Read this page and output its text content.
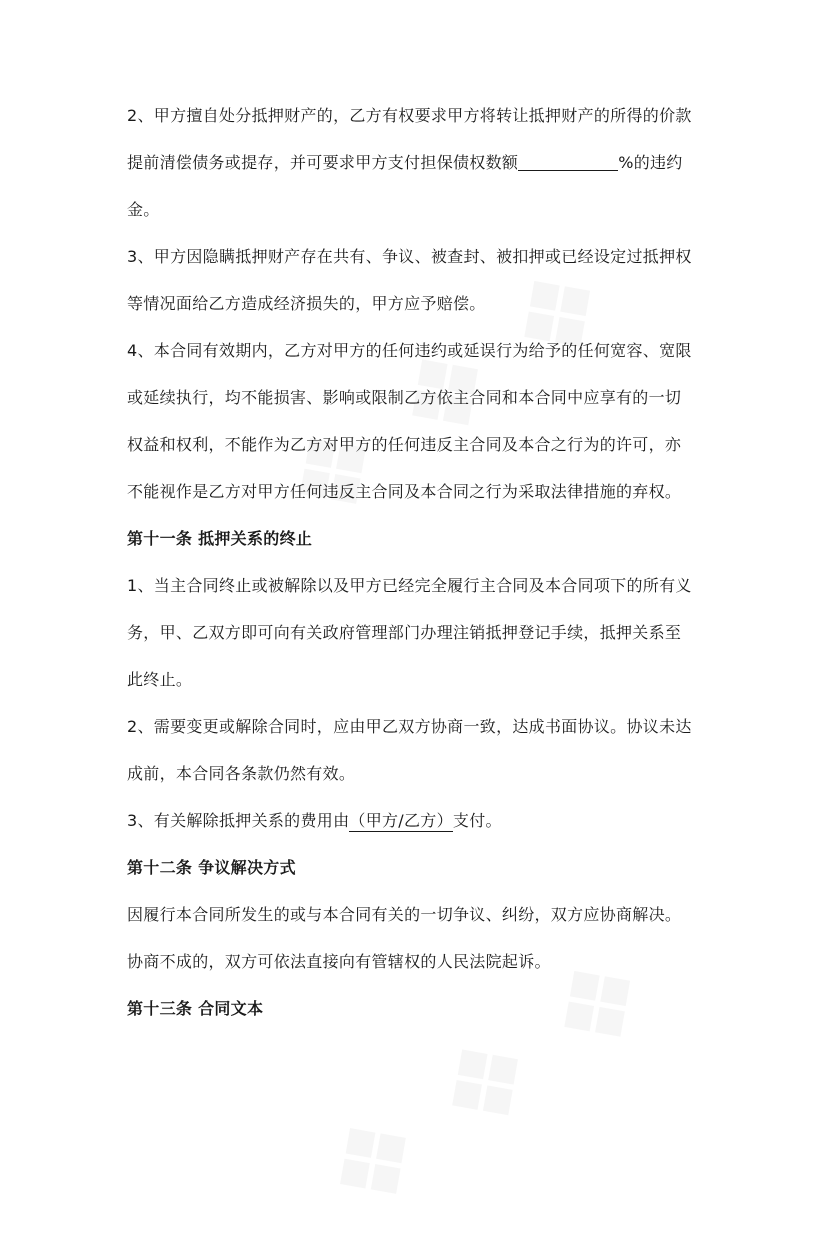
2、甲方擅自处分抵押财产的，乙方有权要求甲方将转让抵押财产的所得的价款
提前清偿债务或提存，并可要求甲方支付担保债权数额	%的违约
金。
3、甲方因隐瞒抵押财产存在共有、争议、被查封、被扣押或已经设定过抵押权
等情况面给乙方造成经济损失的，甲方应予赔偿。
4、本合同有效期内，乙方对甲方的任何违约或延误行为给予的任何宽容、宽限
或延续执行，均不能损害、影响或限制乙方依主合同和本合同中应享有的一切
权益和权利，不能作为乙方对甲方的任何违反主合同及本合之行为的许可，亦
不能视作是乙方对甲方任何违反主合同及本合同之行为采取法律措施的弃权。
第十一条 抵押关系的终止
1、当主合同终止或被解除以及甲方已经完全履行主合同及本合同项下的所有义
务，甲、乙双方即可向有关政府管理部门办理注销抵押登记手续，抵押关系至
此终止。
2、需要变更或解除合同时，应由甲乙双方协商一致，达成书面协议。协议未达
成前，本合同各条款仍然有效。
3、有关解除抵押关系的费用由（甲方/乙方）支付。
第十二条 争议解决方式
因履行本合同所发生的或与本合同有关的一切争议、纠纷，双方应协商解决。
协商不成的，双方可依法直接向有管辖权的人民法院起诉。
第十三条 合同文本
